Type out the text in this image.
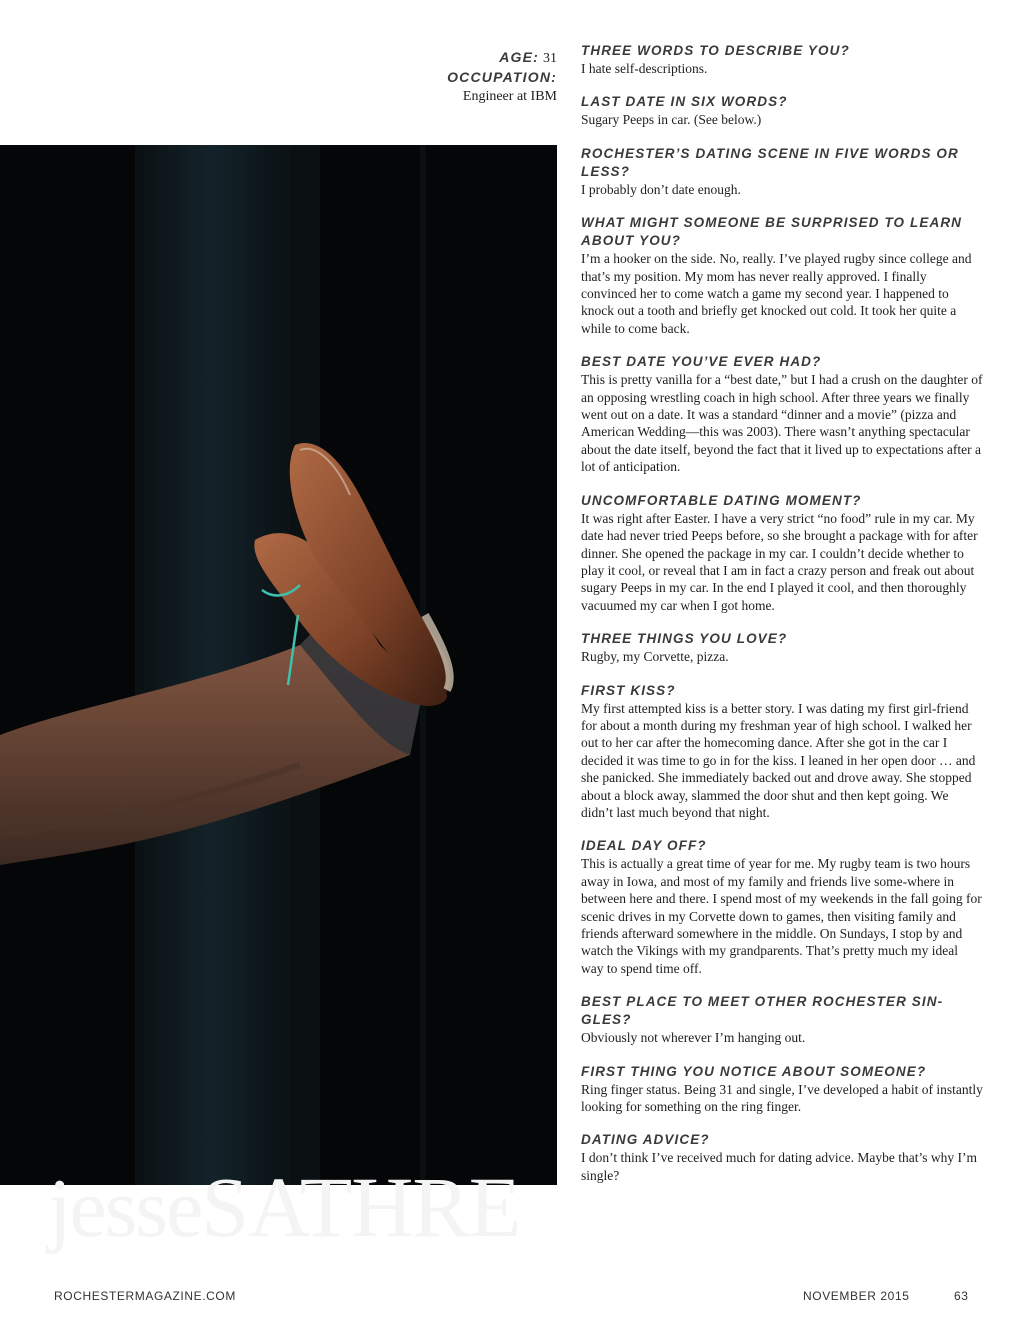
AGE: 31
OCCUPATION:
Engineer at IBM
jesseSATHRE
THREE WORDS TO DESCRIBE YOU?
I hate self-descriptions.
LAST DATE IN SIX WORDS?
Sugary Peeps in car. (See below.)
ROCHESTER’S DATING SCENE IN FIVE WORDS OR LESS?
I probably don’t date enough.
WHAT MIGHT SOMEONE BE SURPRISED TO LEARN ABOUT YOU?
I’m a hooker on the side. No, really. I’ve played rugby since college and that’s my position. My mom has never really approved. I finally convinced her to come watch a game my second year. I happened to knock out a tooth and briefly get knocked out cold. It took her quite a while to come back.
BEST DATE YOU’VE EVER HAD?
This is pretty vanilla for a “best date,” but I had a crush on the daughter of an opposing wrestling coach in high school. After three years we finally went out on a date. It was a standard “dinner and a movie” (pizza and American Wedding—this was 2003). There wasn’t anything spectacular about the date itself, beyond the fact that it lived up to expectations after a lot of anticipation.
UNCOMFORTABLE DATING MOMENT?
It was right after Easter. I have a very strict “no food” rule in my car. My date had never tried Peeps before, so she brought a package with for after dinner. She opened the package in my car. I couldn’t decide whether to play it cool, or reveal that I am in fact a crazy person and freak out about sugary Peeps in my car. In the end I played it cool, and then thoroughly vacuumed my car when I got home.
THREE THINGS YOU LOVE?
Rugby, my Corvette, pizza.
FIRST KISS?
My first attempted kiss is a better story. I was dating my first girl-friend for about a month during my freshman year of high school. I walked her out to her car after the homecoming dance. After she got in the car I decided it was time to go in for the kiss. I leaned in her open door … and she panicked. She immediately backed out and drove away. She stopped about a block away, slammed the door shut and then kept going. We didn’t last much beyond that night.
IDEAL DAY OFF?
This is actually a great time of year for me. My rugby team is two hours away in Iowa, and most of my family and friends live some-where in between here and there. I spend most of my weekends in the fall going for scenic drives in my Corvette down to games, then visiting family and friends afterward somewhere in the middle. On Sundays, I stop by and watch the Vikings with my grandparents. That’s pretty much my ideal way to spend time off.
BEST PLACE TO MEET OTHER ROCHESTER SIN-GLES?
Obviously not wherever I’m hanging out.
FIRST THING YOU NOTICE ABOUT SOMEONE?
Ring finger status. Being 31 and single, I’ve developed a habit of instantly looking for something on the ring finger.
DATING ADVICE?
I don’t think I’ve received much for dating advice. Maybe that’s why I’m single?
ROCHESTERMAGAZINE.COM	NOVEMBER 2015	63
